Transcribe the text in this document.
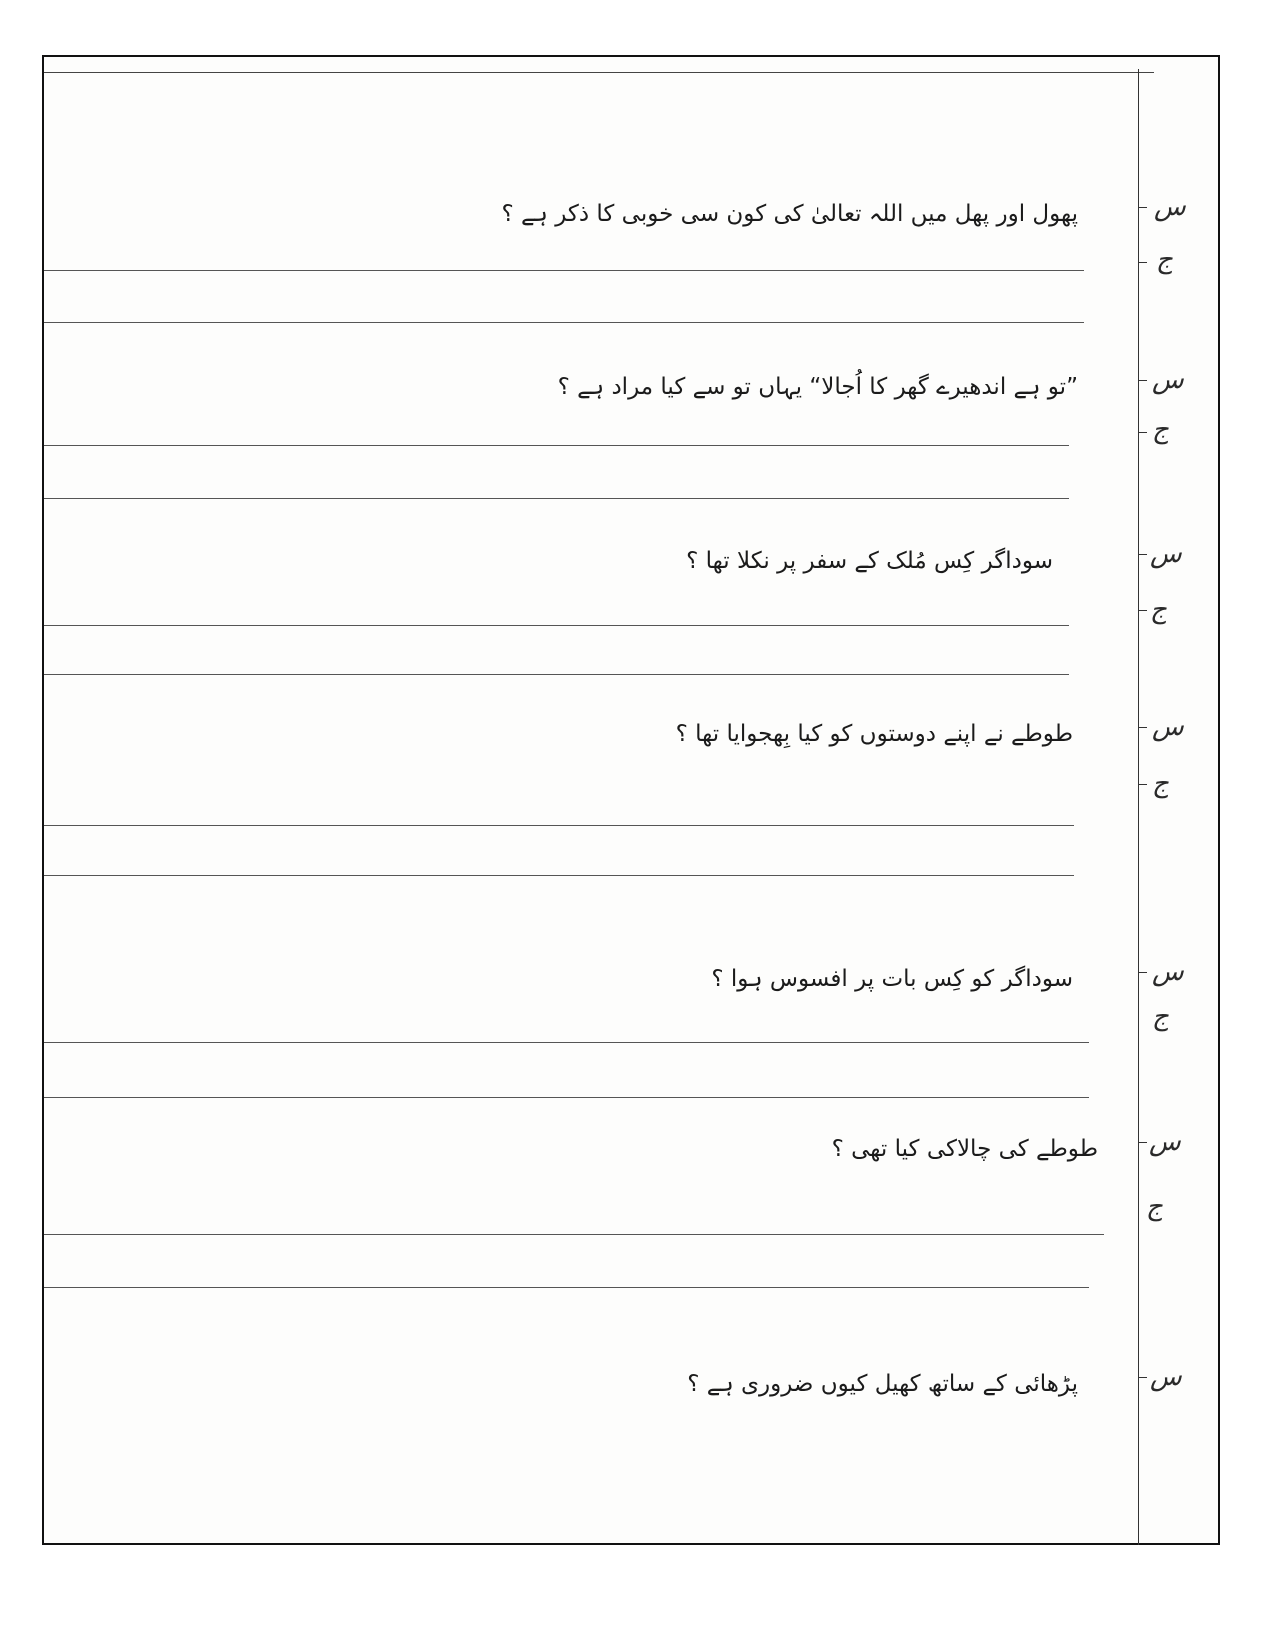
پھول اور پھل میں اللہ تعالیٰ کی کون سی خوبی کا ذکر ہے ؟	س
ج
”تو ہے اندھیرے گھر کا اُجالا“ یہاں تو سے کیا مراد ہے ؟	س
ج
سوداگر کِس مُلک کے سفر پر نکلا تھا ؟	س
ج
طوطے نے اپنے دوستوں کو کیا بِھجوایا تھا ؟	س
ج
سوداگر کو کِس بات پر افسوس ہوا ؟	س
ج
طوطے کی چالاکی کیا تھی ؟ س
ج
پڑھائی کے ساتھ کھیل کیوں ضروری ہے ؟	س
